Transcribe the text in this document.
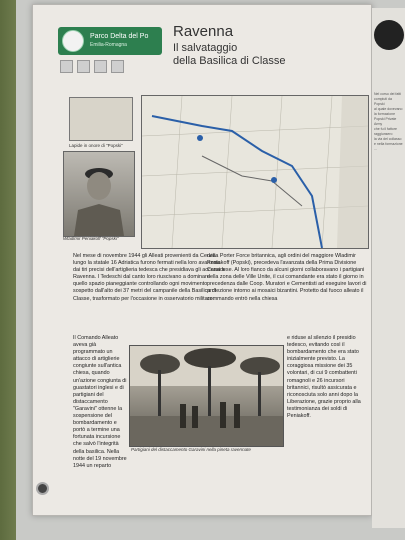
Parco Delta del Po
Emilia-Romagna
Ravenna
Il salvataggio
della Basilica di Classe
Lapide in onore di "Popski"
Wladimir Peniakoff "Popski"
Nel mese di novembre 1944 gli Alleati provenienti da Cervia lungo la statale 16 Adriatica furono fermati nella loro avanzata dai tiri precisi dell'artiglieria tedesca che presidiava gli accessi a Ravenna. I Tedeschi dal canto loro riuscivano a dominare quello spazio pianeggiante controllando ogni movimento sospetto dall'alto dei 37 metri del campanile della Basilica di Classe, trasformato per l'occasione in osservatorio militare.
Il Comando Alleato aveva già programmato un attacco di artiglierie congiunte sull'antica chiesa, quando un'azione congiunta di guastatori inglesi e di partigiani del distaccamento "Garavini" ottenne la sospensione del bombardamento e portò a termine una fortunata incursione che salvò l'integrità della basilica. Nella notte del 19 novembre 1944 un reparto
della Porter Force britannica, agli ordini del maggiore Wladimir Peniakoff (Popski), precedeva l'avanzata della Prima Divisione Canadese. Al loro fianco da alcuni giorni collaboravano i partigiani della zona delle Ville Unite, il cui comandante era stato il giorno in precedenza dalle Coop. Muratori e Cementisti ad eseguire lavori di protezione intorno ai mosaici bizantini. Protetto dal fuoco alleato il commando entrò nella chiesa
e riduse al silenzio il presidio tedesco, evitando così il bombardamento che era stato inizialmente previsto. La coraggiosa missione dei 35 volontari, di cui 9 combattenti romagnoli e 26 incursori britannici, risultò assicurata e riconosciuta solo anni dopo la Liberazione, grazie proprio alla testimonianza dei soldi di Peniakoff.
Partigiani del distaccamento Garavini nella pineta ravennate
Nel corso dei fatti
compiuti da Popski
al quale dovevano
la formazione
Popski Private Army
che fu il fattore
raggiunsero
la via del collasso
e nella formazione
...
